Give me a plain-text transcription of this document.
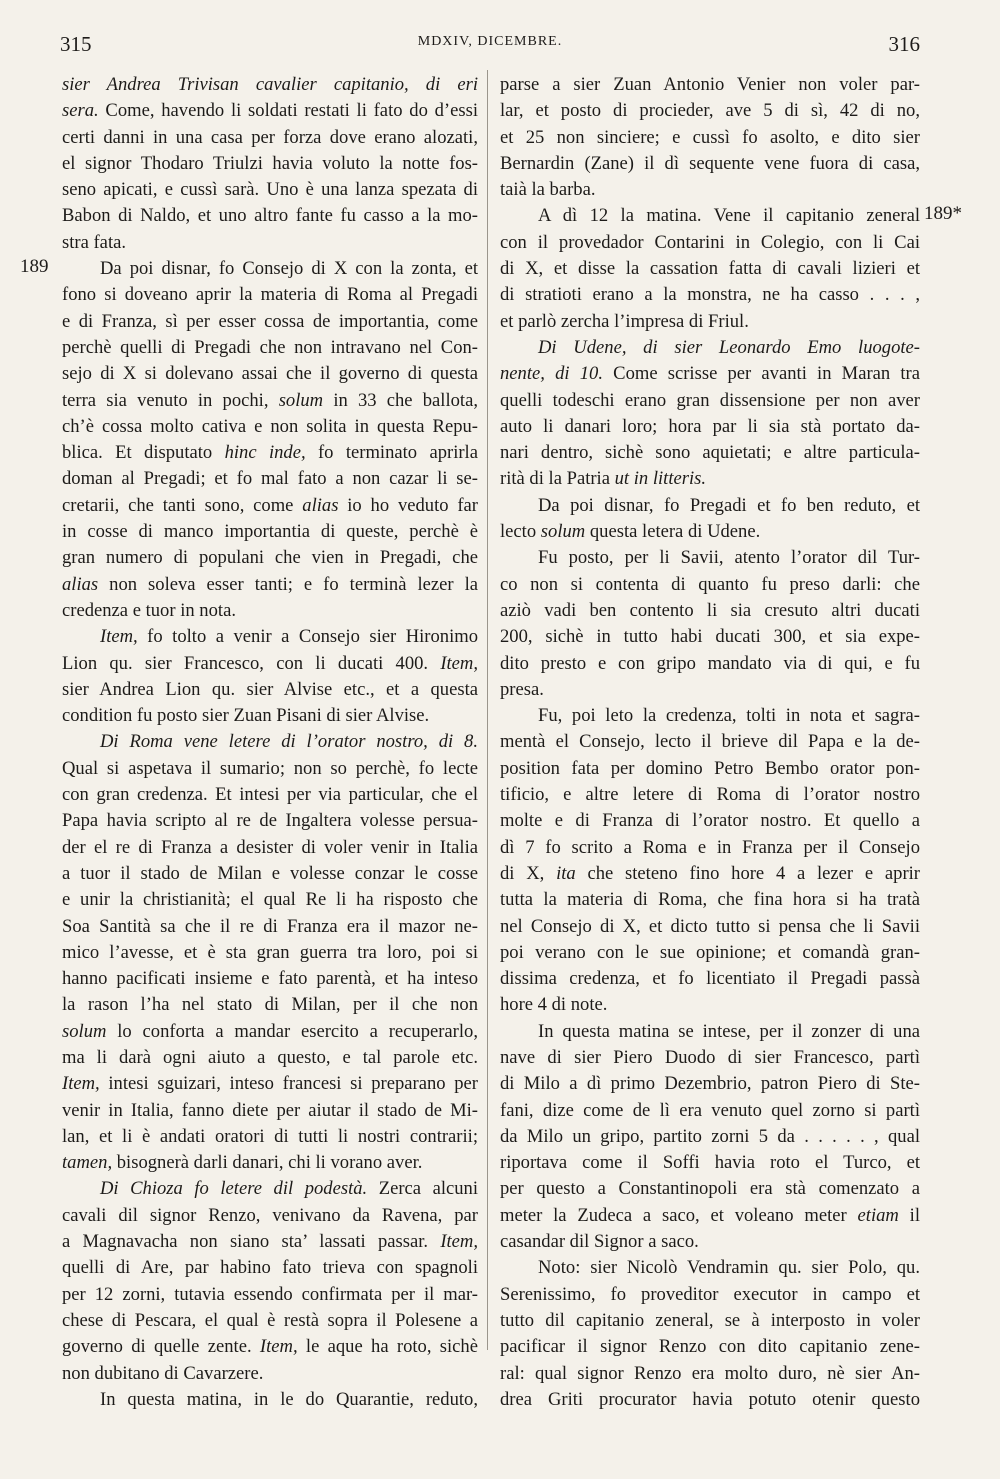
315	MDXIV, DICEMBRE.	316
189
189*
sier Andrea Trivisan cavalier capitanio, di eri
sera. Come, havendo li soldati restati li fato do d’essi
certi danni in una casa per forza dove erano alozati,
el signor Thodaro Triulzi havia voluto la notte fos-
seno apicati, e cussì sarà. Uno è una lanza spezata di
Babon di Naldo, et uno altro fante fu casso a la mo-
stra fata.
Da poi disnar, fo Consejo di X con la zonta, et
fono si doveano aprir la materia di Roma al Pregadi
e di Franza, sì per esser cossa de importantia, come
perchè quelli di Pregadi che non intravano nel Con-
sejo di X si dolevano assai che il governo di questa
terra sia venuto in pochi, solum in 33 che ballota,
ch’è cossa molto cativa e non solita in questa Repu-
blica. Et disputato hinc inde, fo terminato aprirla
doman al Pregadi; et fo mal fato a non cazar li se-
cretarii, che tanti sono, come alias io ho veduto far
in cosse di manco importantia di queste, perchè è
gran numero di populani che vien in Pregadi, che
alias non soleva esser tanti; e fo terminà lezer la
credenza e tuor in nota.
Item, fo tolto a venir a Consejo sier Hironimo
Lion qu. sier Francesco, con li ducati 400. Item,
sier Andrea Lion qu. sier Alvise etc., et a questa
condition fu posto sier Zuan Pisani di sier Alvise.
Di Roma vene letere di l’orator nostro, di 8.
Qual si aspetava il sumario; non so perchè, fo lecte
con gran credenza. Et intesi per via particular, che el
Papa havia scripto al re de Ingaltera volesse persua-
der el re di Franza a desister di voler venir in Italia
a tuor il stado de Milan e volesse conzar le cosse
e unir la christianità; el qual Re li ha risposto che
Soa Santità sa che il re di Franza era il mazor ne-
mico l’avesse, et è sta gran guerra tra loro, poi si
hanno pacificati insieme e fato parentà, et ha inteso
la rason l’ha nel stato di Milan, per il che non
solum lo conforta a mandar esercito a recuperarlo,
ma li darà ogni aiuto a questo, e tal parole etc.
Item, intesi sguizari, inteso francesi si preparano per
venir in Italia, fanno diete per aiutar il stado de Mi-
lan, et li è andati oratori di tutti li nostri contrarii;
tamen, bisognerà darli danari, chi li vorano aver.
Di Chioza fo letere dil podestà. Zerca alcuni
cavali dil signor Renzo, venivano da Ravena, par
a Magnavacha non siano sta’ lassati passar. Item,
quelli di Are, par habino fato trieva con spagnoli
per 12 zorni, tutavia essendo confirmata per il mar-
chese di Pescara, el qual è restà sopra il Polesene a
governo di quelle zente. Item, le aque ha roto, sichè
non dubitano di Cavarzere.
In questa matina, in le do Quarantie, reduto,
parse a sier Zuan Antonio Venier non voler par-
lar, et posto di procieder, ave 5 di sì, 42 di no,
et 25 non sinciere; e cussì fo asolto, e dito sier
Bernardin (Zane) il dì sequente vene fuora di casa,
taià la barba.
A dì 12 la matina. Vene il capitanio zeneral
con il provedador Contarini in Colegio, con li Cai
di X, et disse la cassation fatta di cavali lizieri et
di stratioti erano a la monstra, ne ha casso . . . ,
et parlò zercha l’impresa di Friul.
Di Udene, di sier Leonardo Emo luogote-
nente, di 10. Come scrisse per avanti in Maran tra
quelli todeschi erano gran dissensione per non aver
auto li danari loro; hora par li sia stà portato da-
nari dentro, sichè sono aquietati; e altre particula-
rità di la Patria ut in litteris.
Da poi disnar, fo Pregadi et fo ben reduto, et
lecto solum questa letera di Udene.
Fu posto, per li Savii, atento l’orator dil Tur-
co non si contenta di quanto fu preso darli: che
aziò vadi ben contento li sia cresuto altri ducati
200, sichè in tutto habi ducati 300, et sia expe-
dito presto e con gripo mandato via di qui, e fu
presa.
Fu, poi leto la credenza, tolti in nota et sagra-
mentà el Consejo, lecto il brieve dil Papa e la de-
position fata per domino Petro Bembo orator pon-
tificio, e altre letere di Roma di l’orator nostro
molte e di Franza di l’orator nostro. Et quello a
dì 7 fo scrito a Roma e in Franza per il Consejo
di X, ita che steteno fino hore 4 a lezer e aprir
tutta la materia di Roma, che fina hora si ha tratà
nel Consejo di X, et dicto tutto si pensa che li Savii
poi verano con le sue opinione; et comandà gran-
dissima credenza, et fo licentiato il Pregadi passà
hore 4 di note.
In questa matina se intese, per il zonzer di una
nave di sier Piero Duodo di sier Francesco, partì
di Milo a dì primo Dezembrio, patron Piero di Ste-
fani, dize come de lì era venuto quel zorno si partì
da Milo un gripo, partito zorni 5 da . . . . . , qual
riportava come il Soffi havia roto el Turco, et
per questo a Constantinopoli era stà comenzato a
meter la Zudeca a saco, et voleano meter etiam il
casandar dil Signor a saco.
Noto: sier Nicolò Vendramin qu. sier Polo, qu.
Serenissimo, fo proveditor executor in campo et
tutto dil capitanio zeneral, se à interposto in voler
pacificar il signor Renzo con dito capitanio zene-
ral: qual signor Renzo era molto duro, nè sier An-
drea Griti procurator havia potuto otenir questo
